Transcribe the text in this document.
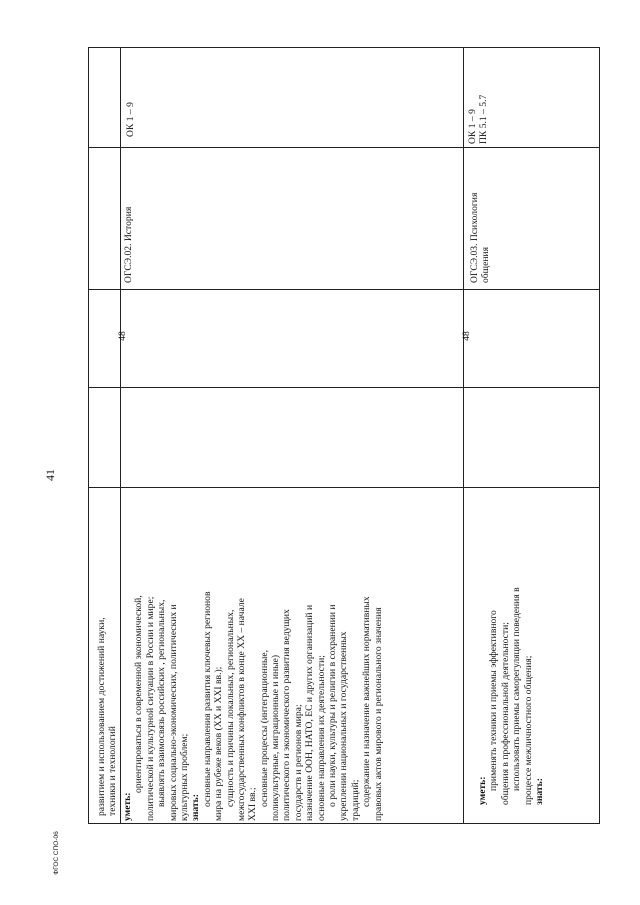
41
ФГОС СПО-06
развитием и использованием достижений науки, техники и технологий уметь:
ориентироваться в современной экономической, политической и культурной ситуации в России и мире; выявлять взаимосвязь российских , региональных, мировых социально-экономических, политических и культурных проблем; знать:
основные направления развития ключевых регионов мира на рубеже веков (XX и XXI вв.); сущность и причины локальных, региональных, межгосударственных конфликтов в конце XX – начале XXI вв.; основные процессы (интеграционные, поликультурные, миграционные и иные) политического и экономического развития ведущих государств и регионов мира; назначение ООН, НАТО, ЕС и других организаций и основные направления их деятельности; о роли науки, культуры и религии в сохранении и укреплении национальных и государственных традиций; содержание и назначение важнейших нормативных правовых актов мирового и регионального значения
48
ОГСЭ.02. История
ОК 1 – 9
уметь: применять техники и приемы эффективного общения в профессиональной деятельности; использовать приемы саморегуляции поведения в процессе межличностного общения; знать:
48
ОГСЭ.03. Психология общения
ОК 1 – 9 ПК 5.1 – 5.7
